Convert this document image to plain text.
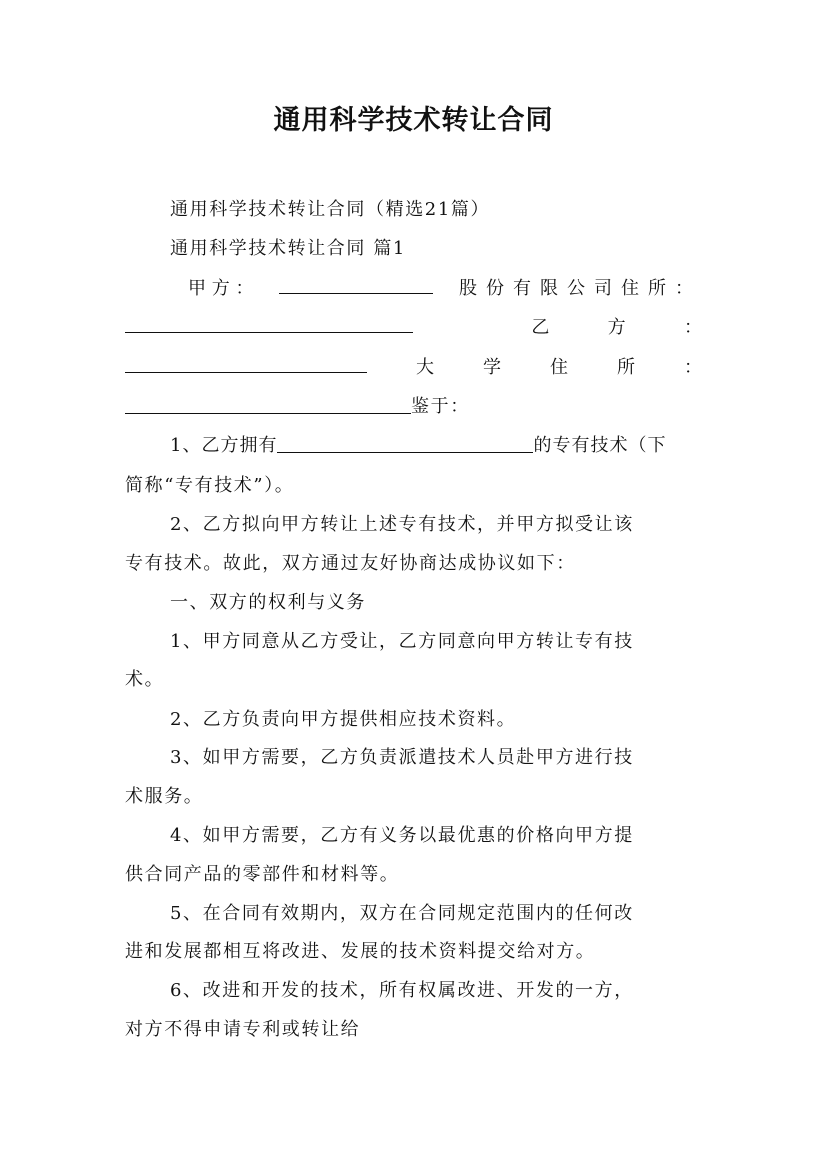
通用科学技术转让合同
通用科学技术转让合同（精选21篇）
通用科学技术转让合同 篇1
甲 方 ：	股份有限公司住所：
乙	方	：
大	学	住	所	：
鉴于：
1、乙方拥有	的专有技术（下
简称“专有技术”）。
2、乙方拟向甲方转让上述专有技术，并甲方拟受让该
专有技术。故此，双方通过友好协商达成协议如下：
一、双方的权利与义务
1、甲方同意从乙方受让，乙方同意向甲方转让专有技
术。
2、乙方负责向甲方提供相应技术资料。
3、如甲方需要，乙方负责派遣技术人员赴甲方进行技
术服务。
4、如甲方需要，乙方有义务以最优惠的价格向甲方提
供合同产品的零部件和材料等。
5、在合同有效期内，双方在合同规定范围内的任何改
进和发展都相互将改进、发展的技术资料提交给对方。
6、改进和开发的技术，所有权属改进、开发的一方，
对方不得申请专利或转让给
